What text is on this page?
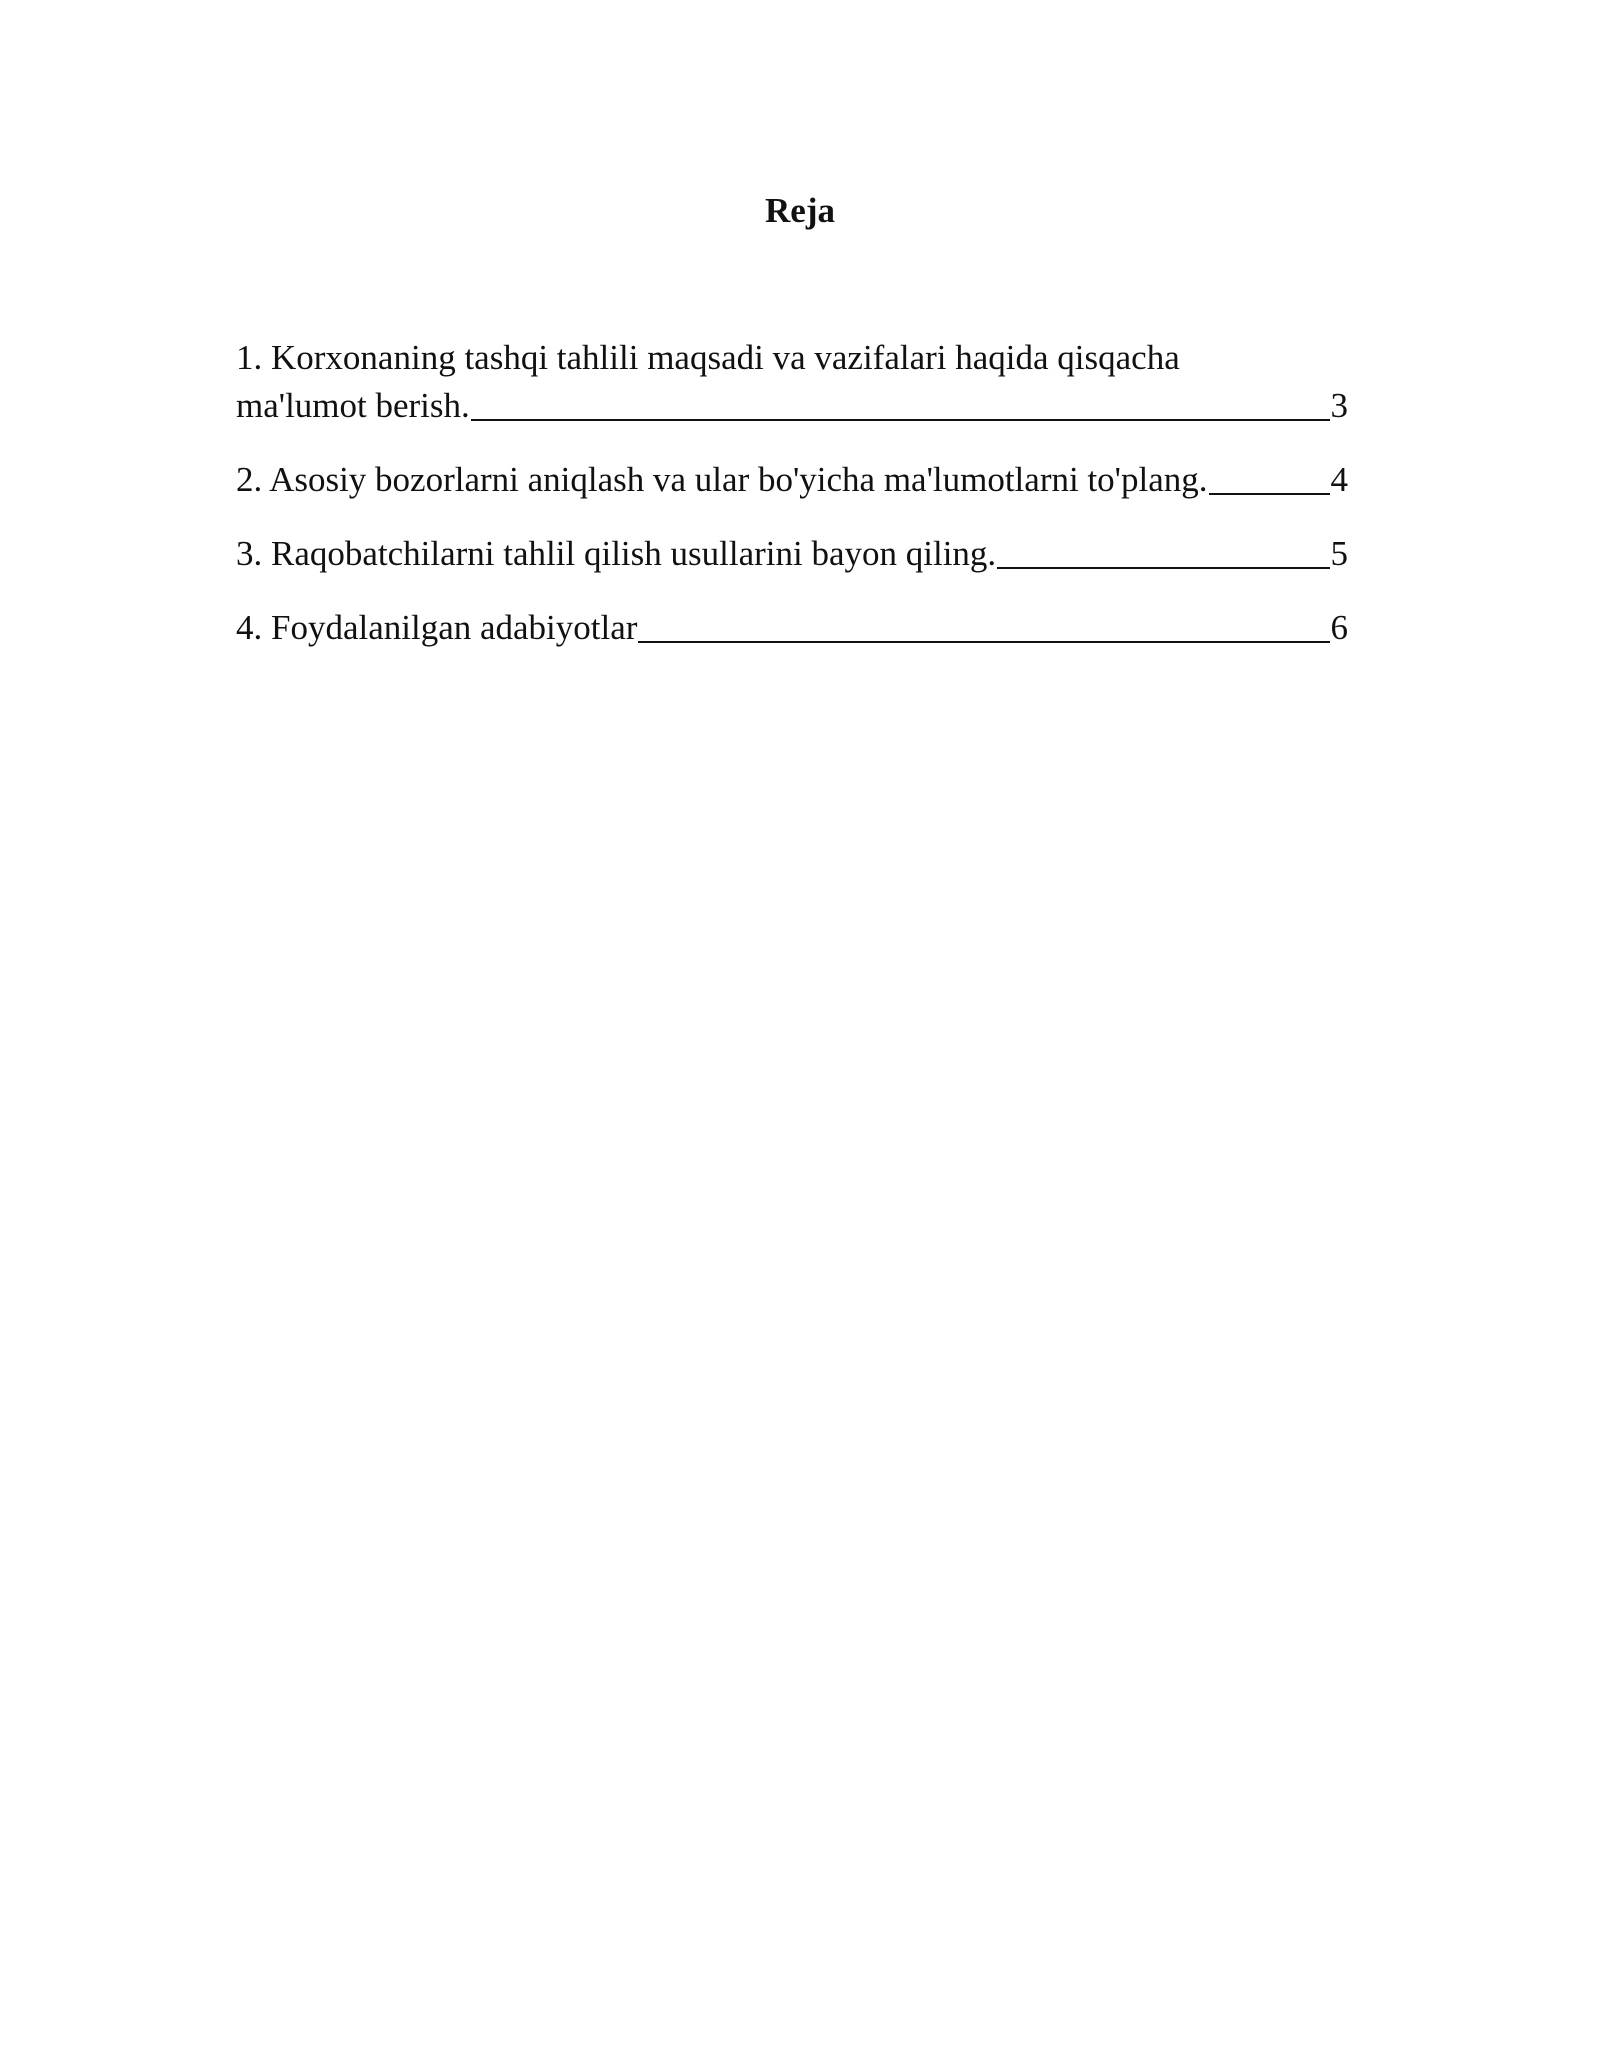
Reja
1. Korxonaning tashqi tahlili maqsadi va vazifalari haqida qisqacha
ma'lumot berish.	3
2. Asosiy bozorlarni aniqlash va ular bo'yicha ma'lumotlarni to'plang.	4
3. Raqobatchilarni tahlil qilish usullarini bayon qiling.	5
4. Foydalanilgan adabiyotlar	6
